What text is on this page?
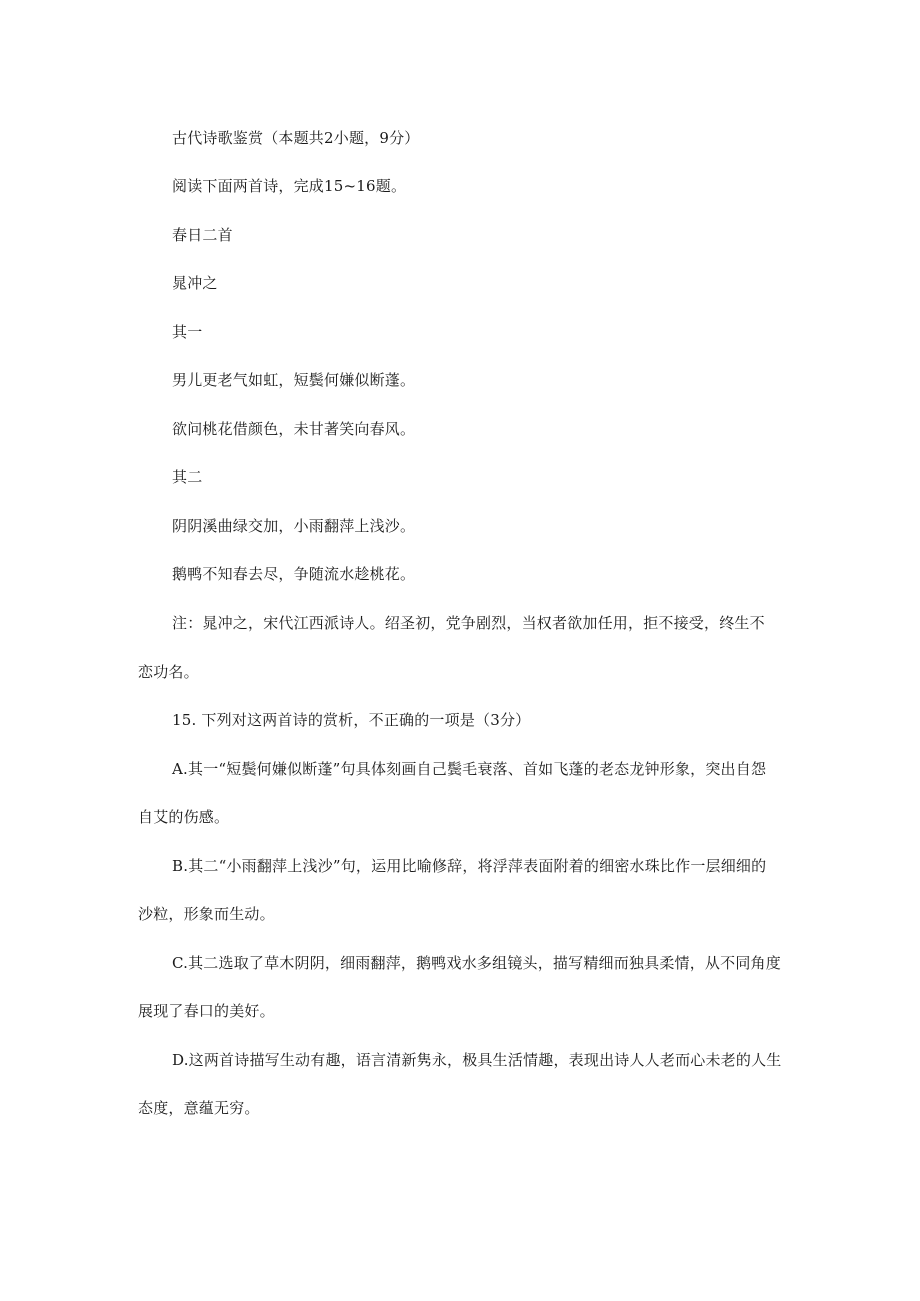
古代诗歌鉴赏（本题共2小题，9分）
阅读下面两首诗，完成15~16题。
春日二首
晁冲之
其一
男儿更老气如虹，短鬓何嫌似断蓬。
欲问桃花借颜色，未甘著笑向春风。
其二
阴阴溪曲绿交加，小雨翻萍上浅沙。
鹅鸭不知春去尽，争随流水趁桃花。
注：晁冲之，宋代江西派诗人。绍圣初，党争剧烈，当权者欲加任用，拒不接受，终生不
恋功名。
15. 下列对这两首诗的赏析，不正确的一项是（3分）
A.其一“短鬓何嫌似断蓬”句具体刻画自己鬓毛衰落、首如飞蓬的老态龙钟形象，突出自怨
自艾的伤感。
B.其二“小雨翻萍上浅沙”句，运用比喻修辞，将浮萍表面附着的细密水珠比作一层细细的
沙粒，形象而生动。
C.其二选取了草木阴阴，细雨翻萍，鹅鸭戏水多组镜头，描写精细而独具柔情，从不同角度
展现了春口的美好。
D.这两首诗描写生动有趣，语言清新隽永，极具生活情趣，表现出诗人人老而心未老的人生
态度，意蕴无穷。
